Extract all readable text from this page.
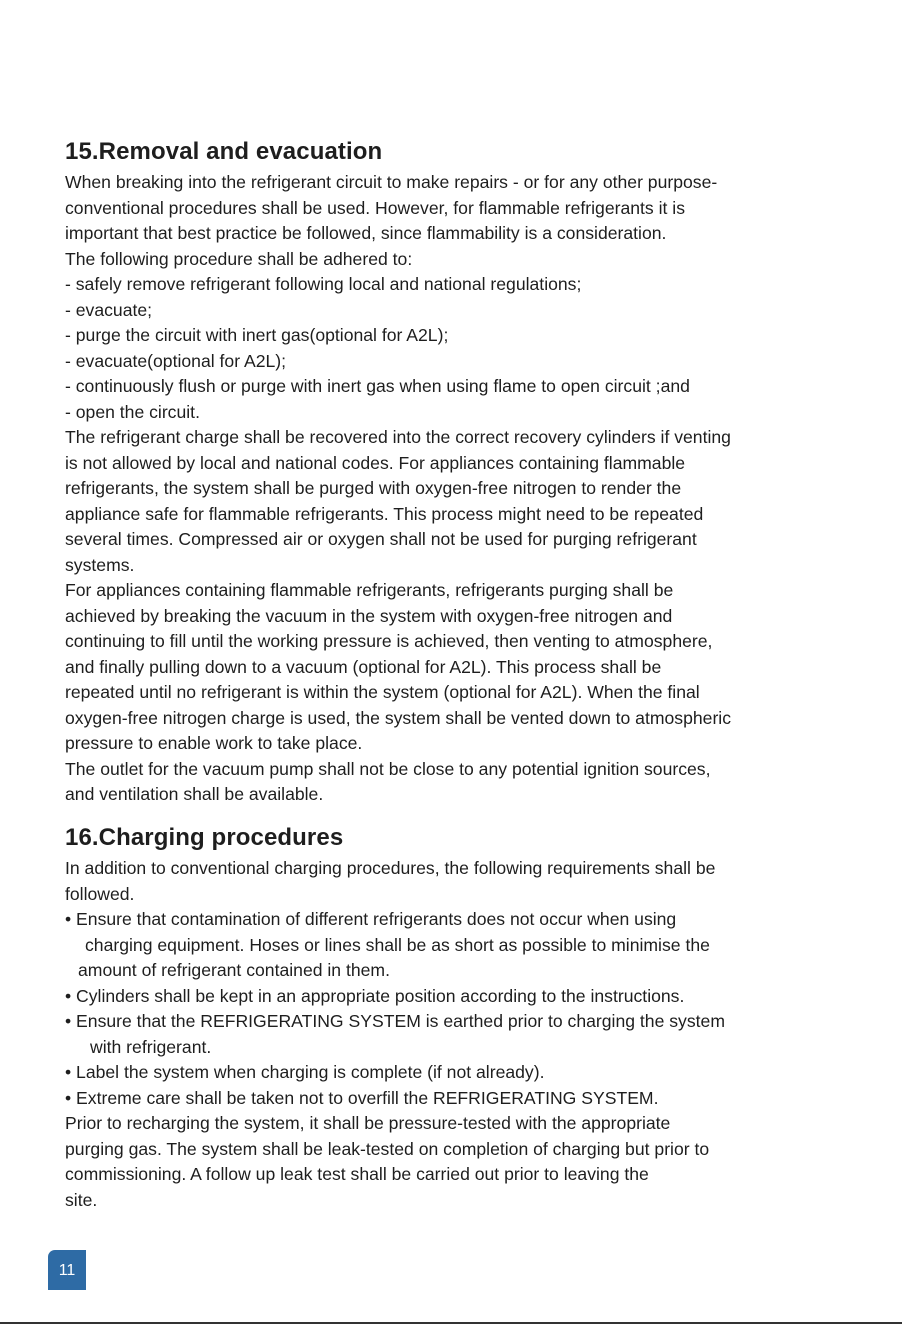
15.Removal and evacuation
When breaking into the refrigerant circuit to make repairs - or for any other purpose-
conventional procedures shall be used. However, for flammable refrigerants it is
important that best practice be followed, since flammability is a consideration.
The following procedure shall be adhered to:
- safely remove refrigerant following local and national regulations;
- evacuate;
- purge the circuit with inert gas(optional for A2L);
- evacuate(optional for A2L);
- continuously flush or purge with inert gas when using flame to open circuit ;and
- open the circuit.
The refrigerant charge shall be recovered into the correct recovery cylinders if venting
is not allowed by local and national codes. For appliances containing flammable
refrigerants, the system shall be purged with oxygen-free nitrogen to render the
appliance safe for flammable refrigerants. This process might need to be repeated
several times. Compressed air or oxygen shall not be used for purging refrigerant
systems.
For appliances containing flammable refrigerants, refrigerants purging shall be
achieved by breaking the vacuum in the system with oxygen-free nitrogen and
continuing to fill until the working pressure is achieved, then venting to atmosphere,
and finally pulling down to a vacuum (optional for A2L). This process shall be
repeated until no refrigerant is within the system (optional for A2L). When the final
oxygen-free nitrogen charge is used, the system shall be vented down to atmospheric
pressure to enable work to take place.
The outlet for the vacuum pump shall not be close to any potential ignition sources,
and ventilation shall be available.
16.Charging procedures
In addition to conventional charging procedures, the following requirements shall be
followed.
• Ensure that contamination of different refrigerants does not occur when using
charging equipment. Hoses or lines shall be as short as possible to minimise the
amount of refrigerant contained in them.
• Cylinders shall be kept in an appropriate position according to the instructions.
• Ensure that the REFRIGERATING SYSTEM is earthed prior to charging the system
with refrigerant.
• Label the system when charging is complete (if not already).
• Extreme care shall be taken not to overfill the REFRIGERATING SYSTEM.
Prior to recharging the system, it shall be pressure-tested with the appropriate
purging gas. The system shall be leak-tested on completion of charging but prior to
commissioning. A follow up leak test shall be carried out prior to leaving the
site.
11
